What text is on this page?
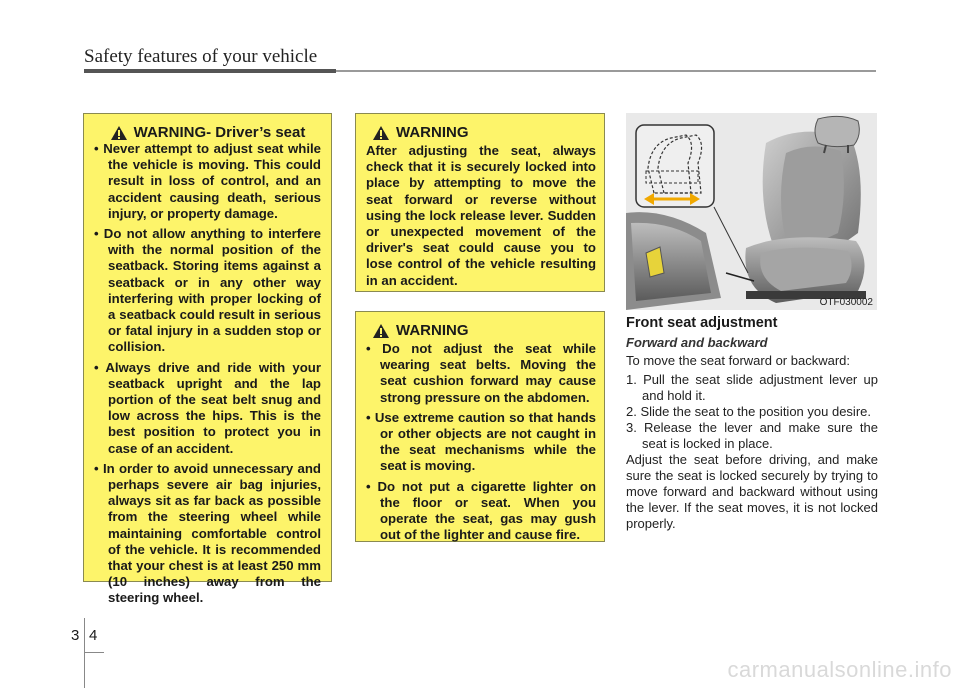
Safety features of your vehicle
WARNING - Driver’s seat
• Never attempt to adjust seat while the vehicle is moving. This could result in loss of control, and an accident causing death, serious injury, or property damage.
• Do not allow anything to interfere with the normal position of the seatback. Storing items against a seatback or in any other way interfering with proper locking of a seatback could result in serious or fatal injury in a sudden stop or collision.
• Always drive and ride with your seatback upright and the lap portion of the seat belt snug and low across the hips. This is the best position to protect you in case of an accident.
• In order to avoid unnecessary and perhaps severe air bag injuries, always sit as far back as possible from the steering wheel while maintaining comfortable control of the vehicle. It is recommended that your chest is at least 250 mm (10 inches) away from the steering wheel.
WARNING
After adjusting the seat, always check that it is securely locked into place by attempting to move the seat forward or reverse without using the lock release lever. Sudden or unexpected movement of the driver's seat could cause you to lose control of the vehicle resulting in an accident.
WARNING
• Do not adjust the seat while wearing seat belts. Moving the seat cushion forward may cause strong pressure on the abdomen.
• Use extreme caution so that hands or other objects are not caught in the seat mechanisms while the seat is moving.
• Do not put a cigarette lighter on the floor or seat. When you operate the seat, gas may gush out of the lighter and cause fire.
OTF030002
Front seat adjustment
Forward and backward

To move the seat forward or backward:

1. Pull the seat slide adjustment lever up and hold it.

2. Slide the seat to the position you desire.

3. Release the lever and make sure the seat is locked in place.

Adjust the seat before driving, and make sure the seat is locked securely by trying to move forward and backward without using the lever. If the seat moves, it is not locked properly.

3 4
carmanualsonline.info
